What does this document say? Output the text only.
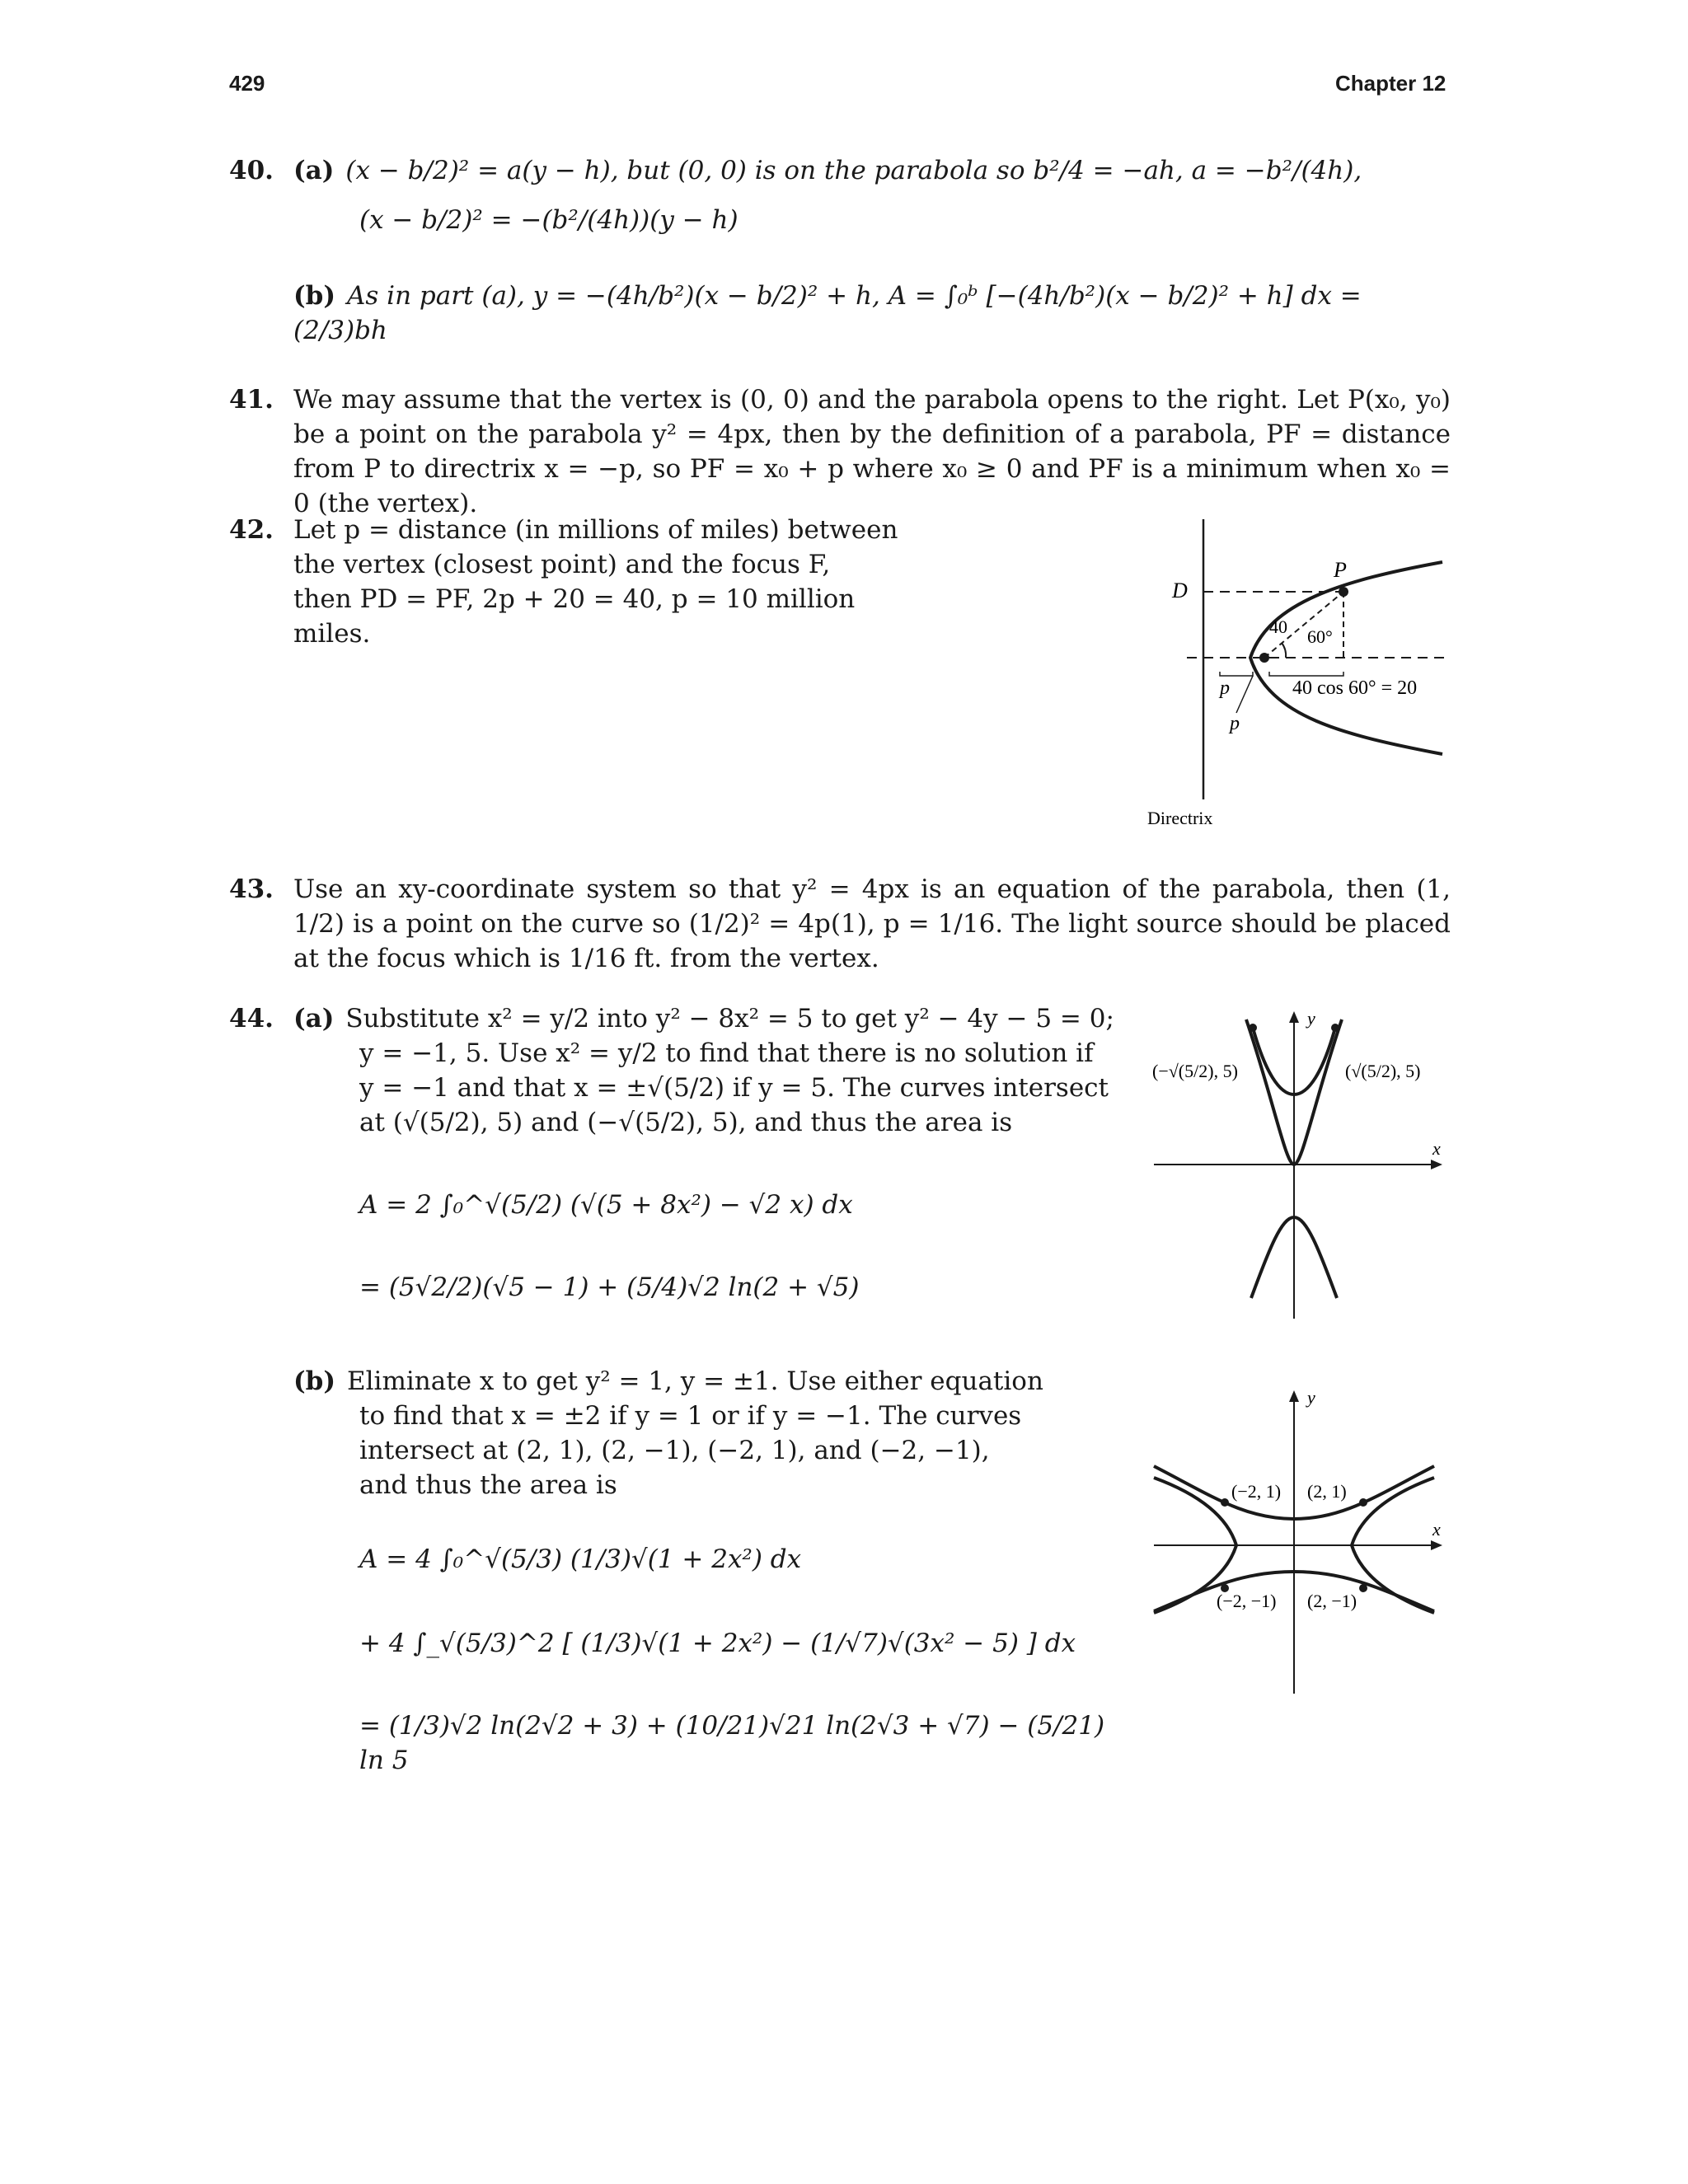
429	Chapter 12
40. (a) (x − b/2)² = a(y − h), but (0, 0) is on the parabola so b²/4 = −ah, a = −b²/(4h),
(x − b/2)² = −(b²/(4h))(y − h)
(b) As in part (a), y = −(4h/b²)(x − b/2)² + h, A = ∫₀ᵇ [−(4h/b²)(x − b/2)² + h] dx = (2/3)bh
41. We may assume that the vertex is (0, 0) and the parabola opens to the right. Let P(x₀, y₀) be a point on the parabola y² = 4px, then by the definition of a parabola, PF = distance from P to directrix x = −p, so PF = x₀ + p where x₀ ≥ 0 and PF is a minimum when x₀ = 0 (the vertex).
42. Let p = distance (in millions of miles) between
the vertex (closest point) and the focus F,
then PD = PF, 2p + 20 = 40, p = 10 million miles.
D
P
40 60°
p
p
40 cos 60° = 20
Directrix
43. Use an xy-coordinate system so that y² = 4px is an equation of the parabola, then (1, 1/2) is a point on the curve so (1/2)² = 4p(1), p = 1/16. The light source should be placed at the focus which is 1/16 ft. from the vertex.
44. (a) Substitute x² = y/2 into y² − 8x² = 5 to get y² − 4y − 5 = 0;
y = −1, 5. Use x² = y/2 to find that there is no solution if
y = −1 and that x = ±√(5/2) if y = 5. The curves intersect
at (√(5/2), 5) and (−√(5/2), 5), and thus the area is
A = 2 ∫₀^√(5/2) (√(5 + 8x²) − √2 x) dx
= (5√2/2)(√5 − 1) + (5/4)√2 ln(2 + √5)
(b) Eliminate x to get y² = 1, y = ±1. Use either equation
to find that x = ±2 if y = 1 or if y = −1. The curves
intersect at (2, 1), (2, −1), (−2, 1), and (−2, −1),
and thus the area is
A = 4 ∫₀^√(5/3) (1/3)√(1 + 2x²) dx
+ 4 ∫_√(5/3)^2 [ (1/3)√(1 + 2x²) − (1/√7)√(3x² − 5) ] dx
= (1/3)√2 ln(2√2 + 3) + (10/21)√21 ln(2√3 + √7) − (5/21) ln 5
y
x
(−√(5/2), 5)	(√(5/2), 5)
y
x
(−2, 1) (2, 1)
(−2, −1) (2, −1)
